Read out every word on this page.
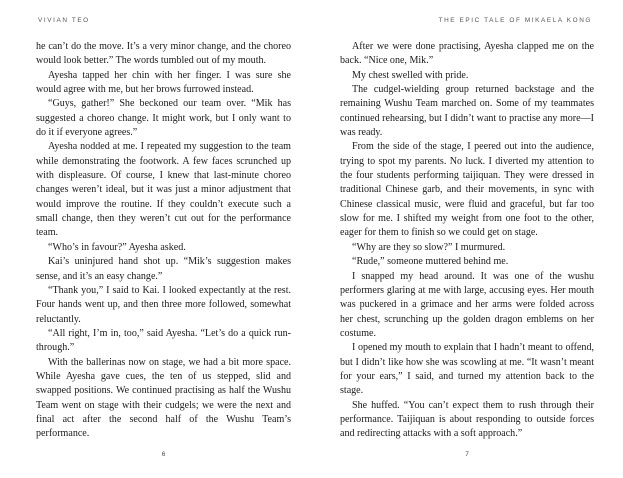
VIVIAN TEO

he can’t do the move. It’s a very minor change, and the choreo would look better.” The words tumbled out of my mouth.

Ayesha tapped her chin with her finger. I was sure she would agree with me, but her brows furrowed instead.

“Guys, gather!” She beckoned our team over. “Mik has suggested a choreo change. It might work, but I only want to do it if everyone agrees.”

Ayesha nodded at me. I repeated my suggestion to the team while demonstrating the footwork. A few faces scrunched up with displeasure. Of course, I knew that last-minute choreo changes weren’t ideal, but it was just a minor adjustment that would improve the routine. If they couldn’t execute such a small change, then they weren’t cut out for the performance team.

“Who’s in favour?” Ayesha asked.

Kai’s uninjured hand shot up. “Mik’s suggestion makes sense, and it’s an easy change.”

“Thank you,” I said to Kai. I looked expectantly at the rest. Four hands went up, and then three more followed, somewhat reluctantly.

“All right, I’m in, too,” said Ayesha. “Let’s do a quick run-through.”

With the ballerinas now on stage, we had a bit more space. While Ayesha gave cues, the ten of us stepped, slid and swapped positions. We continued practising as half the Wushu Team went on stage with their cudgels; we were the next and final act after the second half of the Wushu Team’s performance.

6
THE EPIC TALE OF MIKAELA KONG

After we were done practising, Ayesha clapped me on the back. “Nice one, Mik.”

My chest swelled with pride.

The cudgel-wielding group returned backstage and the remaining Wushu Team marched on. Some of my teammates continued rehearsing, but I didn’t want to practise any more—I was ready.

From the side of the stage, I peered out into the audience, trying to spot my parents. No luck. I diverted my attention to the four students performing taijiquan. They were dressed in traditional Chinese garb, and their movements, in sync with Chinese classical music, were fluid and graceful, but far too slow for me. I shifted my weight from one foot to the other, eager for them to finish so we could get on stage.

“Why are they so slow?” I murmured.

“Rude,” someone muttered behind me.

I snapped my head around. It was one of the wushu performers glaring at me with large, accusing eyes. Her mouth was puckered in a grimace and her arms were folded across her chest, scrunching up the golden dragon emblems on her costume.

I opened my mouth to explain that I hadn’t meant to offend, but I didn’t like how she was scowling at me. “It wasn’t meant for your ears,” I said, and turned my attention back to the stage.

She huffed. “You can’t expect them to rush through their performance. Taijiquan is about responding to outside forces and redirecting attacks with a soft approach.”

7
